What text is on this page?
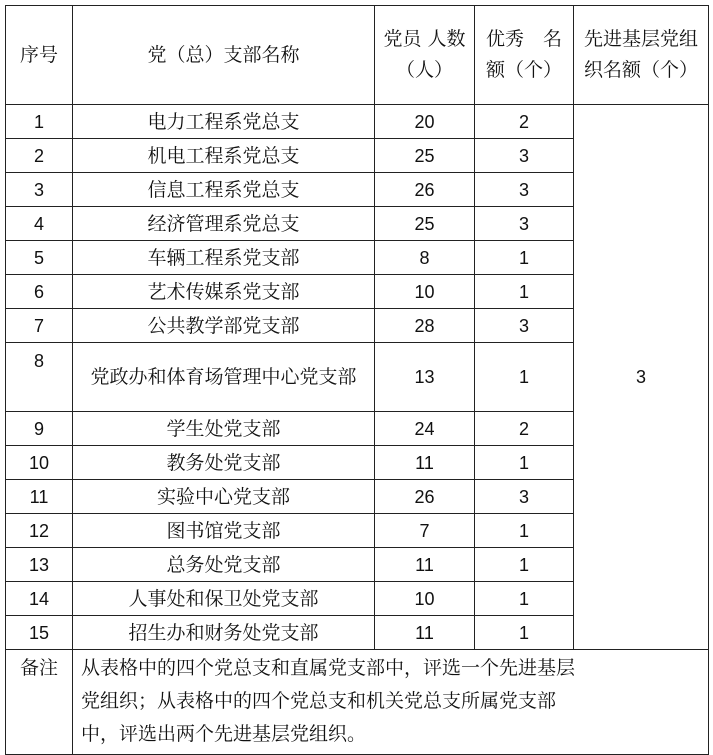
序号	党（总）支部名称	党员 人数（人）	优秀　名额（个）	先进基层党组织名额（个）
1	电力工程系党总支	20	2	3
2	机电工程系党总支	25	3	
3	信息工程系党总支	26	3	
4	经济管理系党总支	25	3	
5	车辆工程系党支部	8	1	
6	艺术传媒系党支部	10	1	
7	公共教学部党支部	28	3	
8	党政办和体育场管理中心党支部	13	1	
9	学生处党支部	24	2	
10	教务处党支部	11	1	
11	实验中心党支部	26	3	
12	图书馆党支部	7	1	
13	总务处党支部	11	1	
14	人事处和保卫处党支部	10	1	
15	招生办和财务处党支部	11	1	
备注	从表格中的四个党总支和直属党支部中，评选一个先进基层党组织；从表格中的四个党总支和机关党总支所属党支部中，评选出两个先进基层党组织。			
